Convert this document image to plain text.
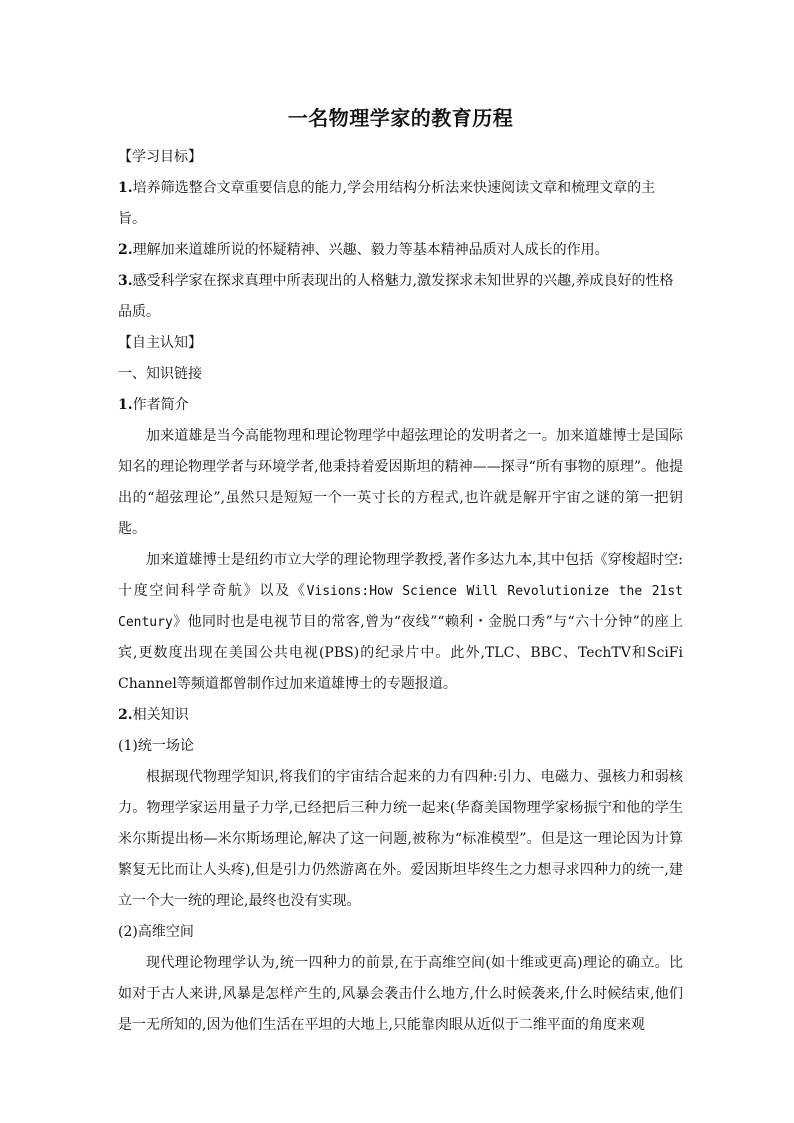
一名物理学家的教育历程

【学习目标】

1.培养筛选整合文章重要信息的能力,学会用结构分析法来快速阅读文章和梳理文章的主旨。

2.理解加来道雄所说的怀疑精神、兴趣、毅力等基本精神品质对人成长的作用。

3.感受科学家在探求真理中所表现出的人格魅力,激发探求未知世界的兴趣,养成良好的性格品质。

【自主认知】

一、知识链接

1.作者简介

加来道雄是当今高能物理和理论物理学中超弦理论的发明者之一。加来道雄博士是国际知名的理论物理学者与环境学者,他秉持着爱因斯坦的精神——探寻“所有事物的原理”。他提出的“超弦理论”,虽然只是短短一个一英寸长的方程式,也许就是解开宇宙之谜的第一把钥匙。

加来道雄博士是纽约市立大学的理论物理学教授,著作多达九本,其中包括《穿梭超时空:十度空间科学奇航》以及《Visions:How Science Will Revolutionize the 21st Century》他同时也是电视节目的常客,曾为“夜线”“赖利・金脱口秀”与“六十分钟”的座上宾,更数度出现在美国公共电视(PBS)的纪录片中。此外,TLC、BBC、TechTV和SciFi Channel等频道都曾制作过加来道雄博士的专题报道。

2.相关知识

(1)统一场论

根据现代物理学知识,将我们的宇宙结合起来的力有四种:引力、电磁力、强核力和弱核力。物理学家运用量子力学,已经把后三种力统一起来(华裔美国物理学家杨振宁和他的学生米尔斯提出杨—米尔斯场理论,解决了这一问题,被称为“标准模型”。但是这一理论因为计算繁复无比而让人头疼),但是引力仍然游离在外。爱因斯坦毕终生之力想寻求四种力的统一,建立一个大一统的理论,最终也没有实现。

(2)高维空间

现代理论物理学认为,统一四种力的前景,在于高维空间(如十维或更高)理论的确立。比如对于古人来讲,风暴是怎样产生的,风暴会袭击什么地方,什么时候袭来,什么时候结束,他们是一无所知的,因为他们生活在平坦的大地上,只能靠肉眼从近似于二维平面的角度来观
